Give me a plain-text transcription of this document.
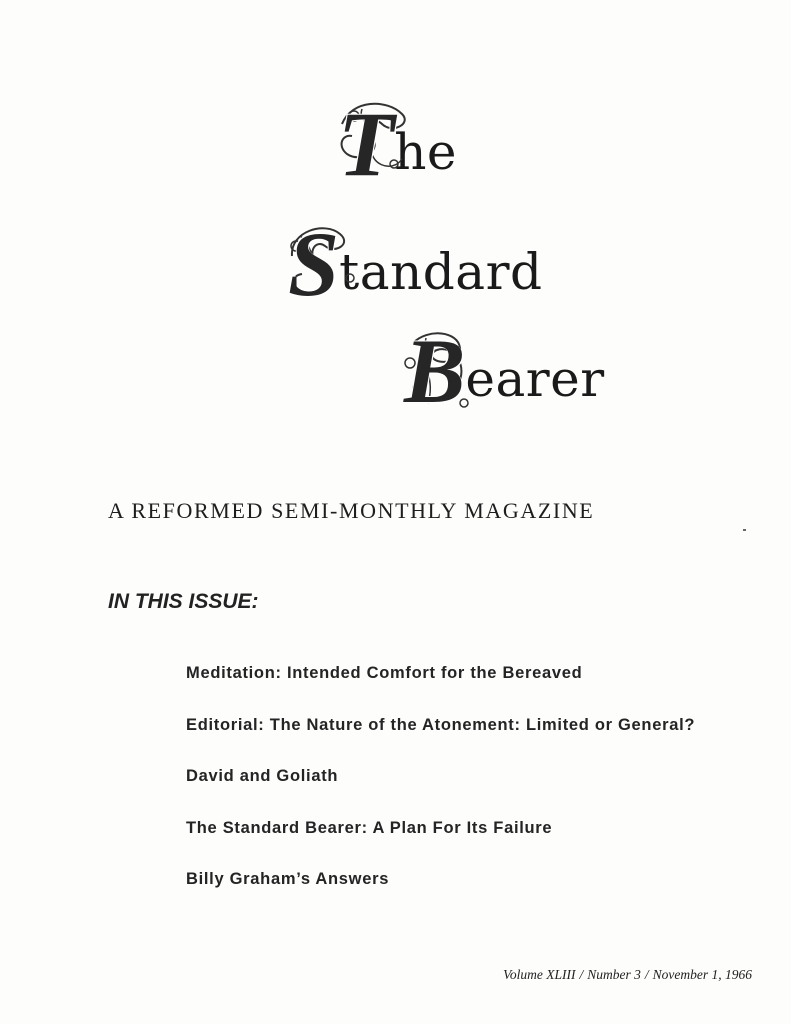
The
Standard
Bearer
A REFORMED SEMI-MONTHLY MAGAZINE
IN THIS ISSUE:
Meditation: Intended Comfort for the Bereaved
Editorial: The Nature of the Atonement: Limited or General?
David and Goliath
The Standard Bearer: A Plan For Its Failure
Billy Graham’s Answers
Volume XLIII / Number 3 / November 1, 1966
